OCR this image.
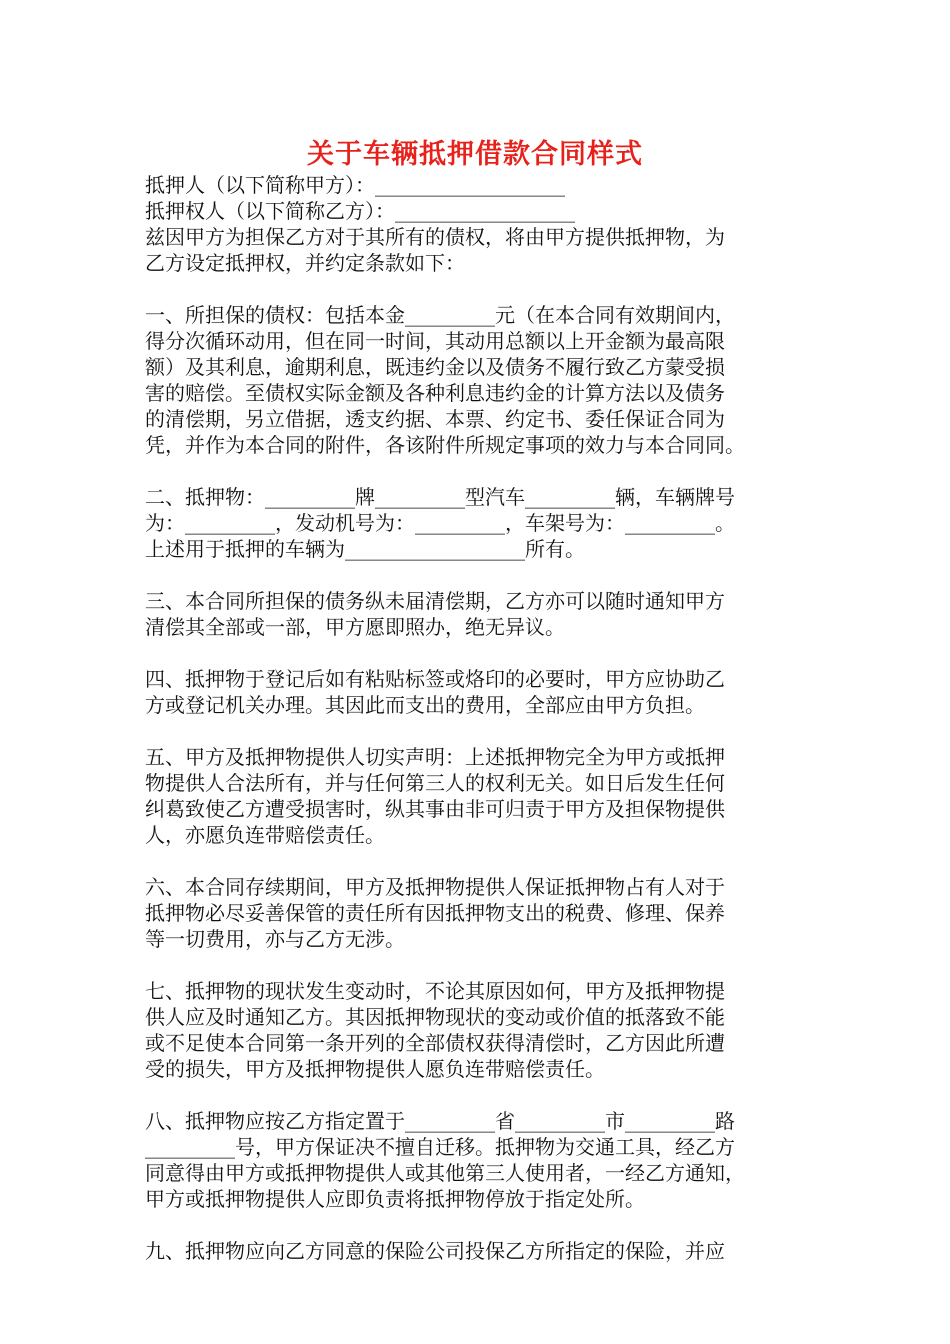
关于车辆抵押借款合同样式
抵押人（以下简称甲方）：___________________
抵押权人（以下简称乙方）：__________________
兹因甲方为担保乙方对于其所有的债权，将由甲方提供抵押物，为
乙方设定抵押权，并约定条款如下：
一、所担保的债权：包括本金_________元（在本合同有效期间内，
得分次循环动用，但在同一时间，其动用总额以上开金额为最高限
额）及其利息，逾期利息，既违约金以及债务不履行致乙方蒙受损
害的赔偿。至债权实际金额及各种利息违约金的计算方法以及债务
的清偿期，另立借据，透支约据、本票、约定书、委任保证合同为
凭，并作为本合同的附件，各该附件所规定事项的效力与本合同同。
二、抵押物：_________牌_________型汽车_________辆，车辆牌号
为：_________，发动机号为：_________，车架号为：_________。
上述用于抵押的车辆为__________________所有。
三、本合同所担保的债务纵未届清偿期，乙方亦可以随时通知甲方
清偿其全部或一部，甲方愿即照办，绝无异议。
四、抵押物于登记后如有粘贴标签或烙印的必要时，甲方应协助乙
方或登记机关办理。其因此而支出的费用，全部应由甲方负担。
五、甲方及抵押物提供人切实声明：上述抵押物完全为甲方或抵押
物提供人合法所有，并与任何第三人的权利无关。如日后发生任何
纠葛致使乙方遭受损害时，纵其事由非可归责于甲方及担保物提供
人，亦愿负连带赔偿责任。
六、本合同存续期间，甲方及抵押物提供人保证抵押物占有人对于
抵押物必尽妥善保管的责任所有因抵押物支出的税费、修理、保养
等一切费用，亦与乙方无涉。
七、抵押物的现状发生变动时，不论其原因如何，甲方及抵押物提
供人应及时通知乙方。其因抵押物现状的变动或价值的抵落致不能
或不足使本合同第一条开列的全部债权获得清偿时，乙方因此所遭
受的损失，甲方及抵押物提供人愿负连带赔偿责任。
八、抵押物应按乙方指定置于_________省_________市_________路
_________号，甲方保证决不擅自迁移。抵押物为交通工具，经乙方
同意得由甲方或抵押物提供人或其他第三人使用者，一经乙方通知，
甲方或抵押物提供人应即负责将抵押物停放于指定处所。
九、抵押物应向乙方同意的保险公司投保乙方所指定的保险，并应
